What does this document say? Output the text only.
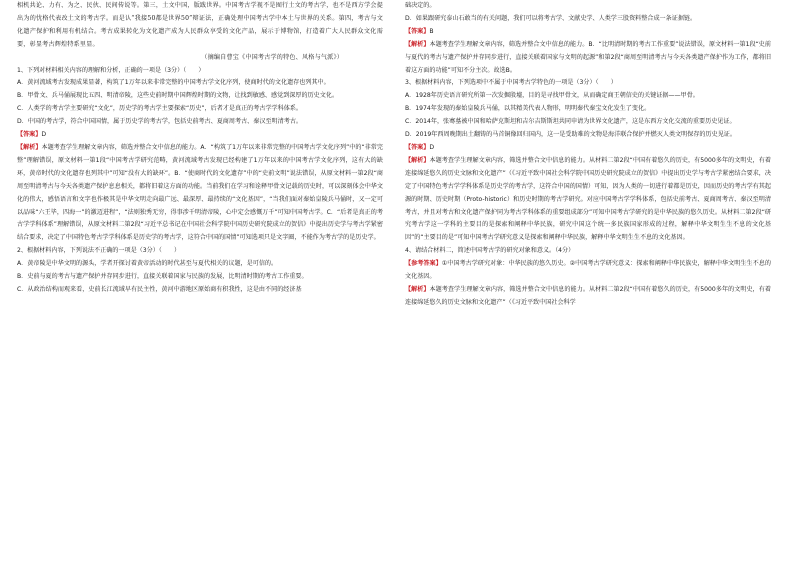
相机共论、力有、为之、民伙、民间传说等。第三，土文中国，版跋世界。中国考古学视不是囿行土文的考古学，也不是西方学会提出为的忧格代表改土文的考古学。而是认“我接50都是世界50”辩证法，正确处理中国考古学中本土与世界的关系。第四，考古与文化遗产保护和利用有机结合。考古成果转化为文化遗产成为人民群众享受的文化产品，展示于博物馆，打造着广大人民群众文化需要，彰显考古辉煌特系里显。

（摘编自曹宝《中国考古学的特色、风格与气派》）

1、下列对材料相关内容的理解和分析，正确的一项是（3分）（　　）

A．黄河流域考古发现成果显著，构筑了1万年以来非常完整的中国考古学文化序列，使商时代的文化遗存也列其中。

B．甲骨文、兵马俑展现比五四、明清帝陵，这些史前时期中国辉煌时期的文物，让找到敏感、感觉到深厚的历史文化。

C．人类学的考古学主要研究“文化”，历史学的考古学主要探索“历史”，后者才是真正的考古学学科体系。

D．中国的考古学，符合中国国情，属于历史学的考古学，包括史前考古、夏商周考古、秦汉至明清考古。

【答案】D

【解析】本题考查学生理解文章内容，筛选并整合文中信息的能力。A．“构筑了1万年以来非常完整的中国考古学文化序列”中的“非常完整”理解错误，原文材料一第1段“中国考古学研究范畴，黄河流域考古发现已经构建了1万年以来的中国考古学文化序列，这有大的缺环，黄帝时代的文化遗存也列其中”可知“没有大的缺环”。B．“使商时代的文化遗存”中的“史前文明”说法错误，从原文材料一第2段“商周至明清考古与今天各类遗产保护息息相关，都将旧着这方面的功能。当前我们在学习和诠释甲骨文记载的历史时，可以深刻体会中华文化的伟大，感悟语言和文字也作极其是中华文明走向最广远、最深厚、最持续的“文化基因”，“当我们面对秦始皇陵兵马俑时，又一定可以品味“六王毕，四海一”的激迈进程”，“法则独秀无穷，得事涉千明清帝陵，心中定会感慨万千”可知中国考古学。C．“后者是真正的考古学学科体系”理解错误，从原文材料二第2段“习近平总书记在中国社会科学院中国历史研究院成立的贺信》中提出历史学与考古学紧密结合要求，决定了中国特色考古学学科体系是历史学的考古学，这符合中国的国情”可知选项只是文字圈，不能作为考古学的是历史学。

2、根据材料内容，下列说法不正确的一项是（3分）（　　）

A．黄帝陵是中华文明的源头，学者开探讨着黄帝活动的时代甚至与夏代相关的议题，是可信的。

B．史前与夏的考古与遗产保护并存同步进行，直接关联着国家与民族的发展，比明清时期的考古工作重要。

C．从政治结构而观来看，史前长江流域早有民主性，黄河中游地区原始商有积我性，这是由不同的经济基

础决定的。

D．如果跟研究泰山石敢当的有关问题，我们可以将考古学、文献史学、人类学三股资料整合成一条证据链。

【答案】B

【解析】本题考查学生理解文章内容，筛选并整合文中信息的能力。B．“比明清时期的考古工作重要”说法错误，原文材料一第1段“史前与夏代的考古与遗产保护并存同步进行，直接关联着国家与文明的起源”和第2段“商周至明清考古与今天各类遗产保护作为工作，都将旧着这方面的功能”可知不分主次。故选B。

3、根据材料内容，下列选项中不属于中国考古学特色的一项是（3分）（　　）

A．1928年历史语言研究所第一次发掘殷墟，目的是寻找甲骨文，从而确定商王朝信史的关键证据——甲骨。

B．1974年发现的秦始皇陵兵马俑，以其精美代表人物形，明明秦代秦宝文化发生了变化。

C．2014年，张骞墓被中国和哈萨克斯坦和吉尔吉斯斯坦共同申请为世界文化遗产，这是东西方文化交流的重要历史见证。

D．2019年西周晚期出土翻铸的马首铜像回归国内，这一是受助难的文物是海洋联合保护并燃灭人类文明保存的历史见证。

【答案】D

【解析】本题考查学生理解文章内容，筛选并整合文中信息的能力。从材料二第2段“中国有着悠久的历史，有5000多年的文明史，有着连接绵延悠久的历史文脉和文化遗产”（《习近平致中国社会科学院中国历史研究院成立的贺信》中提出历史学与考古学紧密结合要求，决定了中国特色考古学学科体系是历史学的考古学，这符合中国的国情）可知，因为人类的一切进行着都是历史，因而历史的考古学有其起源的时期、历史时期（Proto-historic）和历史时期的考古学研究。对应中国考古学学科体系，包括史前考古、夏商周考古、秦汉至明清考古，并且对考古和文化遗产保护同为考古学科体系的重要组成部分”可知中国考古学研究的是中华民族的悠久历史。从材料二第2段“研究考古学这一学科的主要目的是探索和阐释中华民族，研究中国这个统一多民族国家形成的过程，解释中华文明生生不息的文化基因”的“主要目的是”可知中国考古学研究意义是探索和阐释中华民族，解释中华文明生生不息的文化基因。

4、请结合材料二，简述中国考古学的研究对象和意义。（4分）

【参考答案】①中国考古学研究对象：中华民族的悠久历史。②中国考古学研究意义：探索和阐释中华民族史，解释中华文明生生不息的文化基因。

【解析】本题考查学生理解文章内容，筛选并整合文中信息的能力。从材料二第2段“中国有着悠久的历史，有5000多年的文明史，有着连接绵延悠久的历史文脉和文化遗产”（《习近平致中国社会科学
